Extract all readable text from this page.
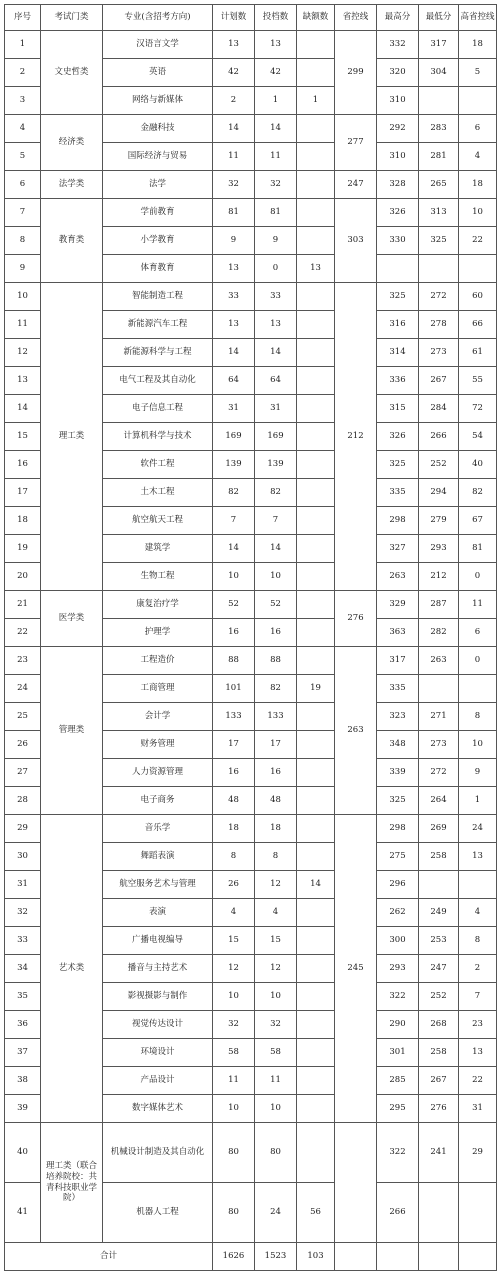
序号	考试门类	专业(含招考方向)	计划数	投档数	缺额数	省控线	最高分	最低分	高省控线
1	文史哲类	汉语言文学	13	13		299	332	317	18
2		英语	42	42			320	304	5
3		网络与新媒体	2	1	1		310		
4	经济类	金融科技	14	14		277	292	283	6
5		国际经济与贸易	11	11			310	281	4
6	法学类	法学	32	32		247	328	265	18
7	教育类	学前教育	81	81		303	326	313	10
8		小学教育	9	9			330	325	22
9		体育教育	13	0	13				
10	理工类	智能制造工程	33	33		212	325	272	60
11		新能源汽车工程	13	13			316	278	66
12		新能源科学与工程	14	14			314	273	61
13		电气工程及其自动化	64	64			336	267	55
14		电子信息工程	31	31			315	284	72
15		计算机科学与技术	169	169			326	266	54
16		软件工程	139	139			325	252	40
17		土木工程	82	82			335	294	82
18		航空航天工程	7	7			298	279	67
19		建筑学	14	14			327	293	81
20		生物工程	10	10			263	212	0
21	医学类	康复治疗学	52	52		276	329	287	11
22		护理学	16	16			363	282	6
23	管理类	工程造价	88	88		263	317	263	0
24		工商管理	101	82	19		335		
25		会计学	133	133			323	271	8
26		财务管理	17	17			348	273	10
27		人力资源管理	16	16			339	272	9
28		电子商务	48	48			325	264	1
29	艺术类	音乐学	18	18		245	298	269	24
30		舞蹈表演	8	8			275	258	13
31		航空服务艺术与管理	26	12	14		296		
32		表演	4	4			262	249	4
33		广播电视编导	15	15			300	253	8
34		播音与主持艺术	12	12			293	247	2
35		影视摄影与制作	10	10			322	252	7
36		视觉传达设计	32	32			290	268	23
37		环境设计	58	58			301	258	13
38		产品设计	11	11			285	267	22
39		数字媒体艺术	10	10			295	276	31
40	理工类（联合培养院校：共青科技职业学院）	机械设计制造及其自动化	80	80			322	241	29
41		机器人工程	80	24	56		266		
合计			1626	1523	103				
